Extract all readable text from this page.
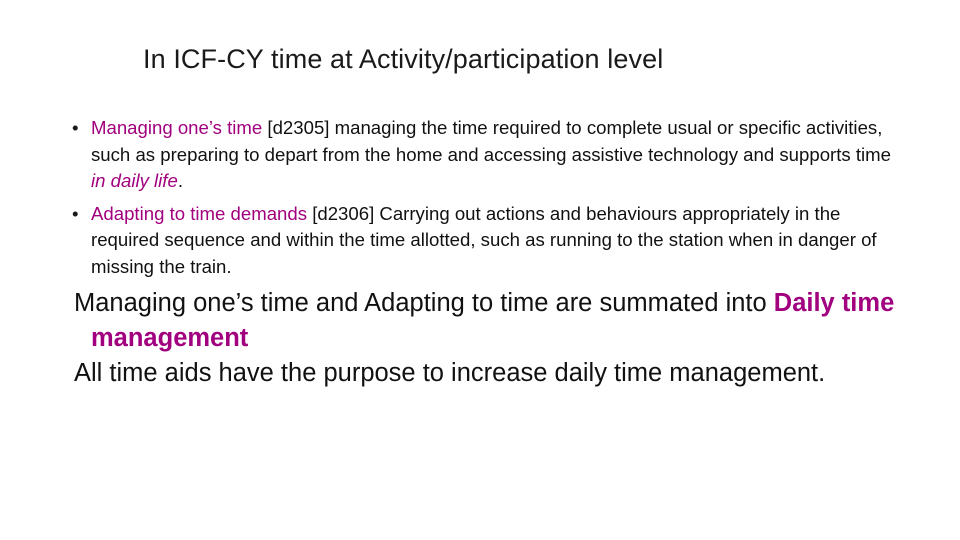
In ICF-CY time at Activity/participation level
• Managing one’s time [d2305] managing the time required to complete usual or specific activities, such as preparing to depart from the home and accessing assistive technology and supports time in daily life.
• Adapting to time demands [d2306] Carrying out actions and behaviours appropriately in the required sequence and within the time allotted, such as running to the station when in danger of missing the train.
Managing one’s time and Adapting to time are summated into Daily time management
All time aids have the purpose to increase daily time management.
